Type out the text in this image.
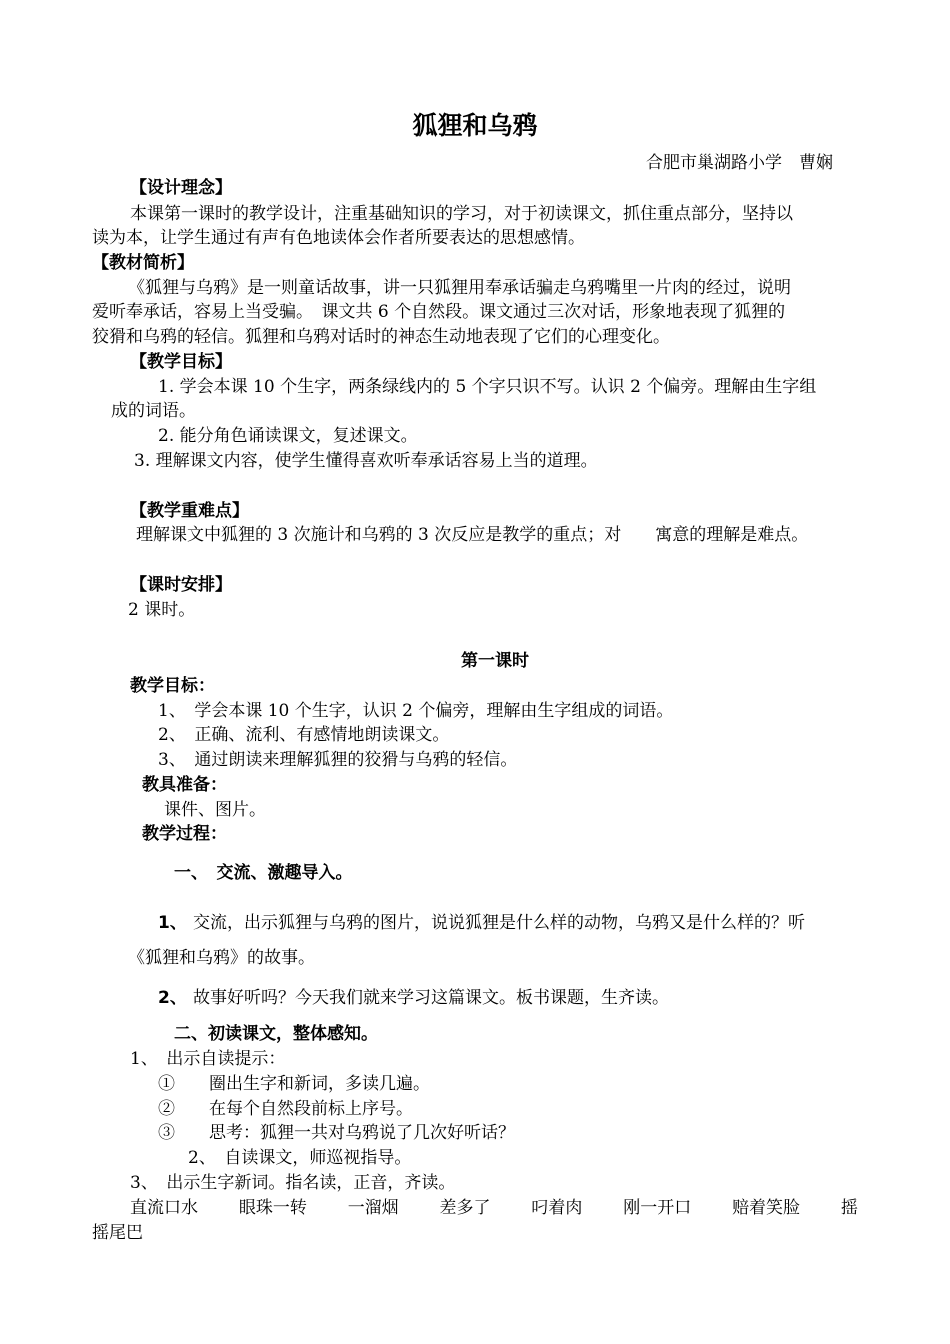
狐狸和乌鸦
合肥市巢湖路小学　曹娴
【设计理念】
本课第一课时的教学设计，注重基础知识的学习，对于初读课文，抓住重点部分，坚持以
读为本，让学生通过有声有色地读体会作者所要表达的思想感情。
【教材简析】
《狐狸与乌鸦》是一则童话故事，讲一只狐狸用奉承话骗走乌鸦嘴里一片肉的经过，说明
爱听奉承话，容易上当受骗。　课文共 6 个自然段。课文通过三次对话，形象地表现了狐狸的
狡猾和乌鸦的轻信。狐狸和乌鸦对话时的神态生动地表现了它们的心理变化。
【教学目标】
1. 学会本课 10 个生字，两条绿线内的 5 个字只识不写。认识 2 个偏旁。理解由生字组
成的词语。
2. 能分角色诵读课文，复述课文。
3. 理解课文内容，使学生懂得喜欢听奉承话容易上当的道理。
【教学重难点】
理解课文中狐狸的 3 次施计和乌鸦的 3 次反应是教学的重点；对　　寓意的理解是难点。
【课时安排】
2 课时。
第一课时
教学目标：
1、　学会本课 10 个生字，认识 2 个偏旁，理解由生字组成的词语。
2、　正确、流利、有感情地朗读课文。
3、　通过朗读来理解狐狸的狡猾与乌鸦的轻信。
教具准备：
课件、图片。
教学过程：
一、　交流、激趣导入。
1、 交流，出示狐狸与乌鸦的图片，说说狐狸是什么样的动物，乌鸦又是什么样的？听
《狐狸和乌鸦》的故事。
2、 故事好听吗？今天我们就来学习这篇课文。板书课题，生齐读。
二、初读课文，整体感知。
1、　出示自读提示：
①　　圈出生字和新词，多读几遍。
②　　在每个自然段前标上序号。
③　　思考：狐狸一共对乌鸦说了几次好听话？
2、　自读课文，师巡视指导。
3、　出示生字新词。指名读，正音，齐读。
直流口水 眼珠一转 一溜烟 差多了 叼着肉 刚一开口 赔着笑脸 摇
摇尾巴
